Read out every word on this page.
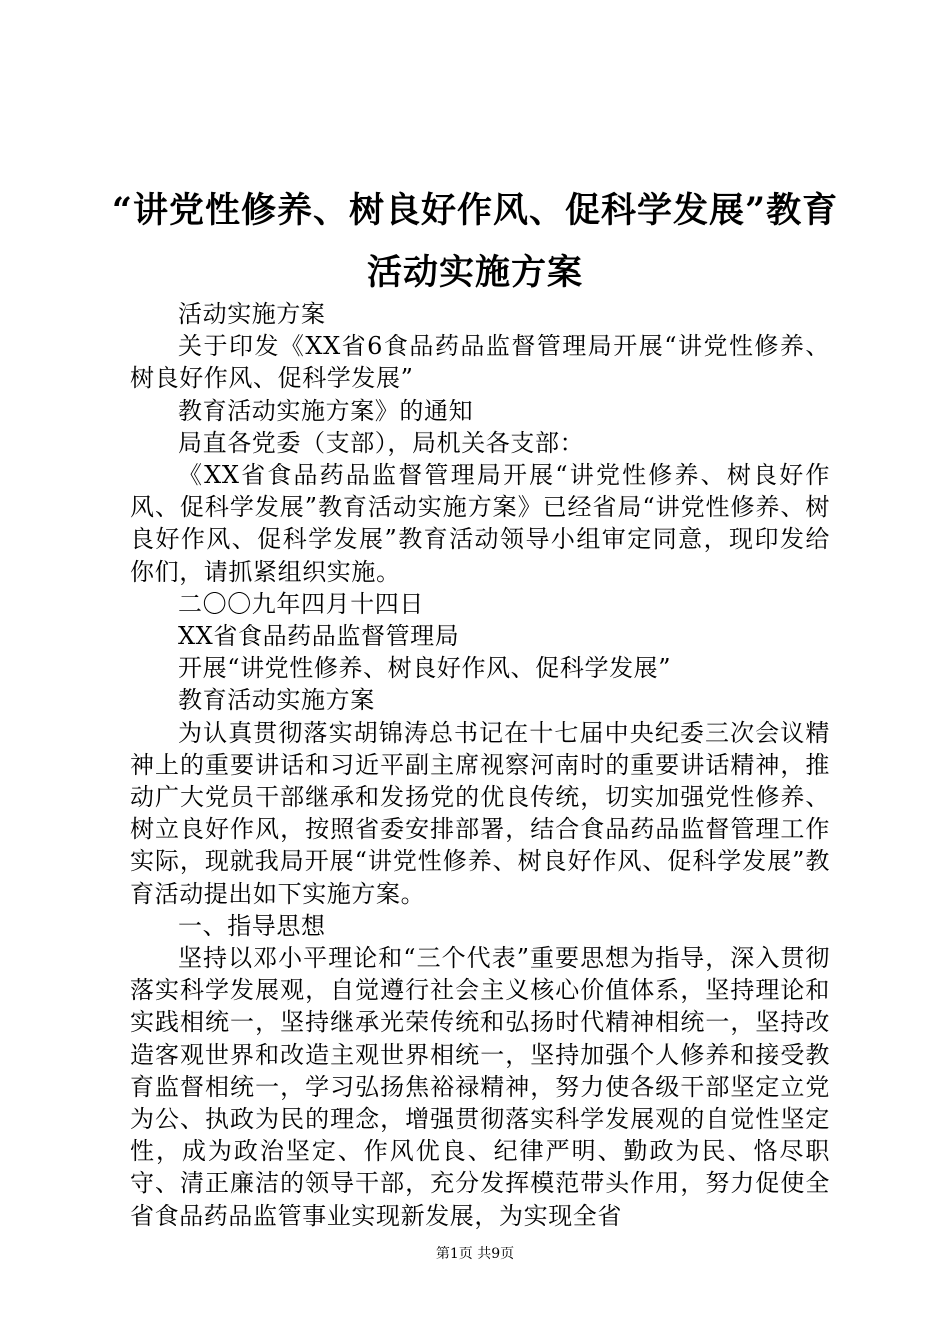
“讲党性修养、树良好作风、促科学发展”教育活动实施方案

活动实施方案

关于印发《XX省6食品药品监督管理局开展“讲党性修养、树良好作风、促科学发展”

教育活动实施方案》的通知

局直各党委（支部），局机关各支部：

《XX省食品药品监督管理局开展“讲党性修养、树良好作风、促科学发展”教育活动实施方案》已经省局“讲党性修养、树良好作风、促科学发展”教育活动领导小组审定同意，现印发给你们，请抓紧组织实施。

二〇〇九年四月十四日

XX省食品药品监督管理局

开展“讲党性修养、树良好作风、促科学发展”

教育活动实施方案

为认真贯彻落实胡锦涛总书记在十七届中央纪委三次会议精神上的重要讲话和习近平副主席视察河南时的重要讲话精神，推动广大党员干部继承和发扬党的优良传统，切实加强党性修养、树立良好作风，按照省委安排部署，结合食品药品监督管理工作实际，现就我局开展“讲党性修养、树良好作风、促科学发展”教育活动提出如下实施方案。

一、指导思想

坚持以邓小平理论和“三个代表”重要思想为指导，深入贯彻落实科学发展观，自觉遵行社会主义核心价值体系，坚持理论和实践相统一，坚持继承光荣传统和弘扬时代精神相统一，坚持改造客观世界和改造主观世界相统一，坚持加强个人修养和接受教育监督相统一，学习弘扬焦裕禄精神，努力使各级干部坚定立党为公、执政为民的理念，增强贯彻落实科学发展观的自觉性坚定性，成为政治坚定、作风优良、纪律严明、勤政为民、恪尽职守、清正廉洁的领导干部，充分发挥模范带头作用，努力促使全省食品药品监管事业实现新发展，为实现全省

第1页 共9页
